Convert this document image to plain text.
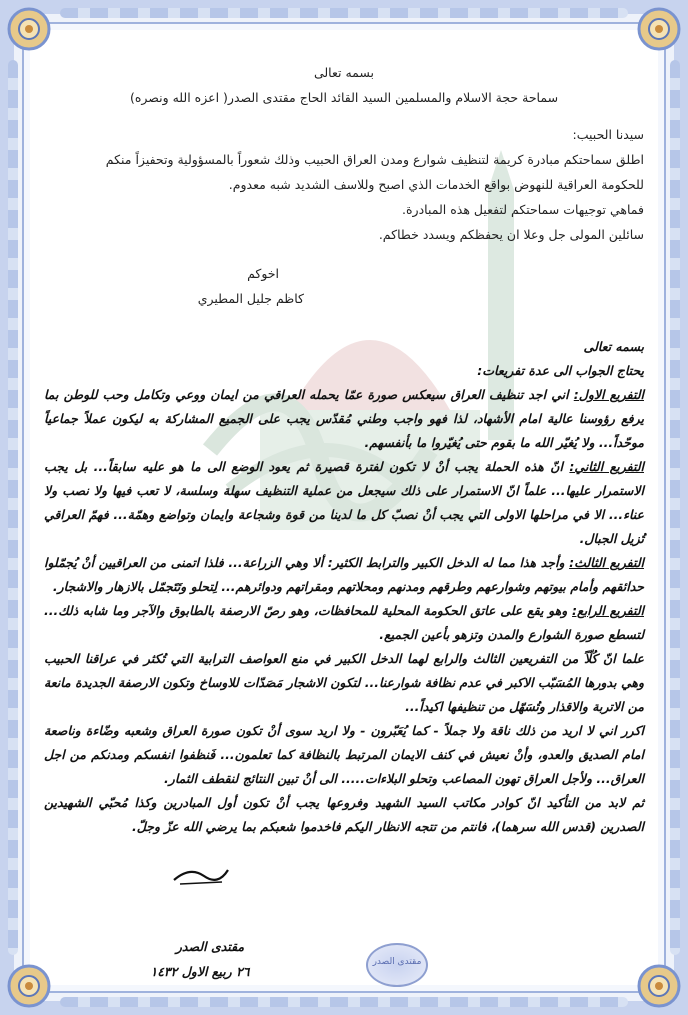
بسمه تعالى
سماحة حجة الاسلام والمسلمين السيد القائد الحاج مقتدى الصدر( اعزه الله ونصره)
سيدنا الحبيب:
اطلق سماحتكم مبادرة كريمة لتنظيف شوارع ومدن العراق الحبيب وذلك شعوراً بالمسؤولية وتحفيزاً منكم
للحكومة العراقية للنهوض بواقع الخدمات الذي اصبح وللاسف الشديد شبه معدوم.
فماهي توجيهات سماحتكم لتفعيل هذه المبادرة.
سائلين المولى جل وعلا ان يحفظكم ويسدد خطاكم.
اخوكم
كاظم جليل المطيري
بسمه تعالى
يحتاج الجواب الى عدة تفريعات:
التفريع الاول: اني اجد تنظيف العراق سيعكس صورة عمّا يحمله العراقي من ايمان ووعي وتكامل وحب للوطن بما يرفع رؤوسنا عالية امام الأشهاد، لذا فهو واجب وطني مُقدّس يجب على الجميع المشاركة به ليكون عملاً جماعياً موحّداً... ولا يُغيّر الله ما بقوم حتى يُغيّروا ما بأنفسهم.
التفريع الثاني: انّ هذه الحملة يجب أنْ لا تكون لفترة قصيرة ثم يعود الوضع الى ما هو عليه سابقاً... بل يجب الاستمرار عليها... علماً انّ الاستمرار على ذلك سيجعل من عملية التنظيف سهلة وسلسة، لا تعب فيها ولا نصب ولا عناء... الا في مراحلها الاولى التي يجب أنْ نصبّ كل ما لدينا من قوة وشجاعة وايمان وتواضع وهمّة... فهمّ العراقي تُزيل الجبال.
التفريع الثالث: وأجد هذا مما له الدخل الكبير والترابط الكثير: ألا وهي الزراعة... فلذا اتمنى من العراقيين أنْ يُجمّلوا حدائقهم وأمام بيوتهم وشوارعهم وطرقهم ومدنهم ومحلاتهم ومقراتهم ودوائرهم... لِتحلو وتَتَجمّل بالازهار والاشجار.
التفريع الرابع: وهو يقع على عاتق الحكومة المحلية للمحافظات، وهو رصّ الارصفة بالطابوق والآجر وما شابه ذلك... لتسطع صورة الشوارع والمدن وتزهو بأعين الجميع.
علما انّ كُلّاً من التفريعين الثالث والرابع لهما الدخل الكبير في منع العواصف الترابية التي تُكثر في عراقنا الحبيب وهي بدورها المُسَبّب الاكبر في عدم نظافة شوارعنا... لتكون الاشجار مَصَدّات للاوساخ وتكون الارصفة الجديدة مانعة من الاتربة والاقذار وتُسَهّل من تنظيفها اكيداً...
اكرر اني لا اريد من ذلك ناقة ولا جملاً - كما يُعَبّرون - ولا اريد سوى أنْ تكون صورة العراق وشعبه وضّاءة وناصعة امام الصديق والعدو، وأنْ نعيش في كنف الايمان المرتبط بالنظافة كما تعلمون... فَنظفوا انفسكم ومدنكم من اجل العراق... ولأجل العراق تهون المصاعب وتحلو البلاءات..... الى أنْ تبين النتائج لنقطف الثمار.
ثم لابد من التأكيد انّ كوادر مكاتب السيد الشهيد وفروعها يجب أنْ تكون أول المبادرين وكذا مُحبّي الشهيدين الصدرين (قدس الله سرهما)، فانتم من تتجه الانظار اليكم فاخدموا شعبكم بما يرضي الله عزّ وجلّ.
مقتدى الصدر
٢٦ ربيع الاول ١٤٣٢
مقتدى الصدر
